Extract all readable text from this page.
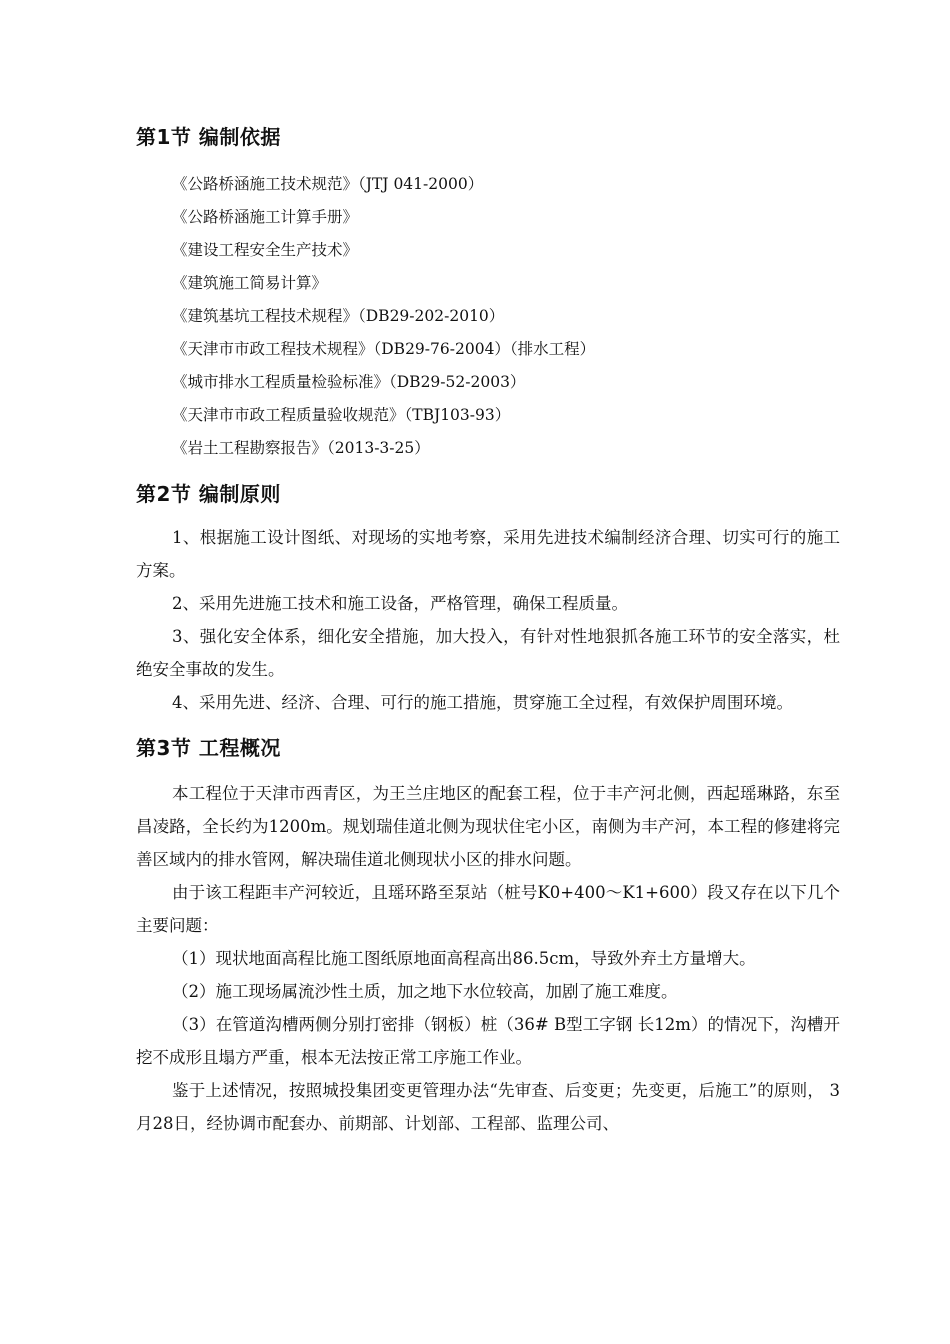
第1节 编制依据
《公路桥涵施工技术规范》（JTJ 041-2000）
《公路桥涵施工计算手册》
《建设工程安全生产技术》
《建筑施工简易计算》
《建筑基坑工程技术规程》（DB29-202-2010）
《天津市市政工程技术规程》（DB29-76-2004）（排水工程）
《城市排水工程质量检验标准》（DB29-52-2003）
《天津市市政工程质量验收规范》（TBJ103-93）
《岩土工程勘察报告》（2013-3-25）
第2节 编制原则

1、根据施工设计图纸、对现场的实地考察，采用先进技术编制经济合理、切实可行的施工方案。

2、采用先进施工技术和施工设备，严格管理，确保工程质量。

3、强化安全体系，细化安全措施，加大投入，有针对性地狠抓各施工环节的安全落实，杜绝安全事故的发生。

4、采用先进、经济、合理、可行的施工措施，贯穿施工全过程，有效保护周围环境。

第3节 工程概况

本工程位于天津市西青区，为王兰庄地区的配套工程，位于丰产河北侧，西起瑶琳路，东至昌凌路，全长约为1200m。规划瑞佳道北侧为现状住宅小区，南侧为丰产河，本工程的修建将完善区域内的排水管网，解决瑞佳道北侧现状小区的排水问题。

由于该工程距丰产河较近，且瑶环路至泵站（桩号K0+400～K1+600）段又存在以下几个主要问题：

（1）现状地面高程比施工图纸原地面高程高出86.5cm，导致外弃土方量增大。

（2）施工现场属流沙性土质，加之地下水位较高，加剧了施工难度。

（3）在管道沟槽两侧分别打密排（钢板）桩（36# B型工字钢 长12m）的情况下，沟槽开挖不成形且塌方严重，根本无法按正常工序施工作业。

鉴于上述情况，按照城投集团变更管理办法“先审查、后变更；先变更，后施工”的原则， 3月28日，经协调市配套办、前期部、计划部、工程部、监理公司、
